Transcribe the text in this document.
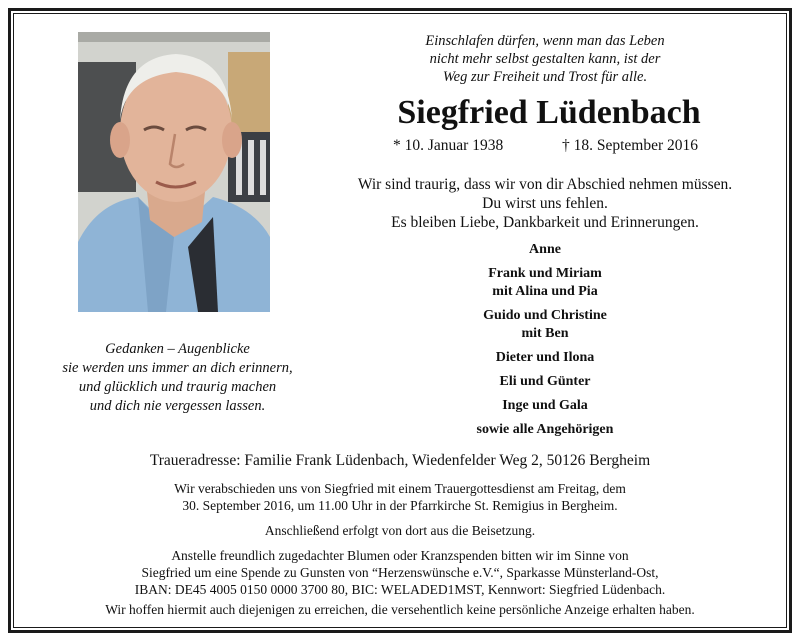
Einschlafen dürfen, wenn man das Leben
nicht mehr selbst gestalten kann, ist der
Weg zur Freiheit und Trost für alle.
Siegfried Lüdenbach
* 10. Januar 1938	† 18. September 2016
Wir sind traurig, dass wir von dir Abschied nehmen müssen.
Du wirst uns fehlen.
Es bleiben Liebe, Dankbarkeit und Erinnerungen.
Anne
Frank und Miriam
mit Alina und Pia
Guido und Christine
mit Ben
Dieter und Ilona
Eli und Günter
Inge und Gala
sowie alle Angehörigen
Gedanken – Augenblicke
sie werden uns immer an dich erinnern,
und glücklich und traurig machen
und dich nie vergessen lassen.
Traueradresse: Familie Frank Lüdenbach, Wiedenfelder Weg 2, 50126 Bergheim
Wir verabschieden uns von Siegfried mit einem Trauergottesdienst am Freitag, dem
30. September 2016, um 11.00 Uhr in der Pfarrkirche St. Remigius in Bergheim.
Anschließend erfolgt von dort aus die Beisetzung.
Anstelle freundlich zugedachter Blumen oder Kranzspenden bitten wir im Sinne von
Siegfried um eine Spende zu Gunsten von “Herzenswünsche e.V.“, Sparkasse Münsterland-Ost,
IBAN: DE45 4005 0150 0000 3700 80, BIC: WELADED1MST, Kennwort: Siegfried Lüdenbach.
Wir hoffen hiermit auch diejenigen zu erreichen, die versehentlich keine persönliche Anzeige erhalten haben.
